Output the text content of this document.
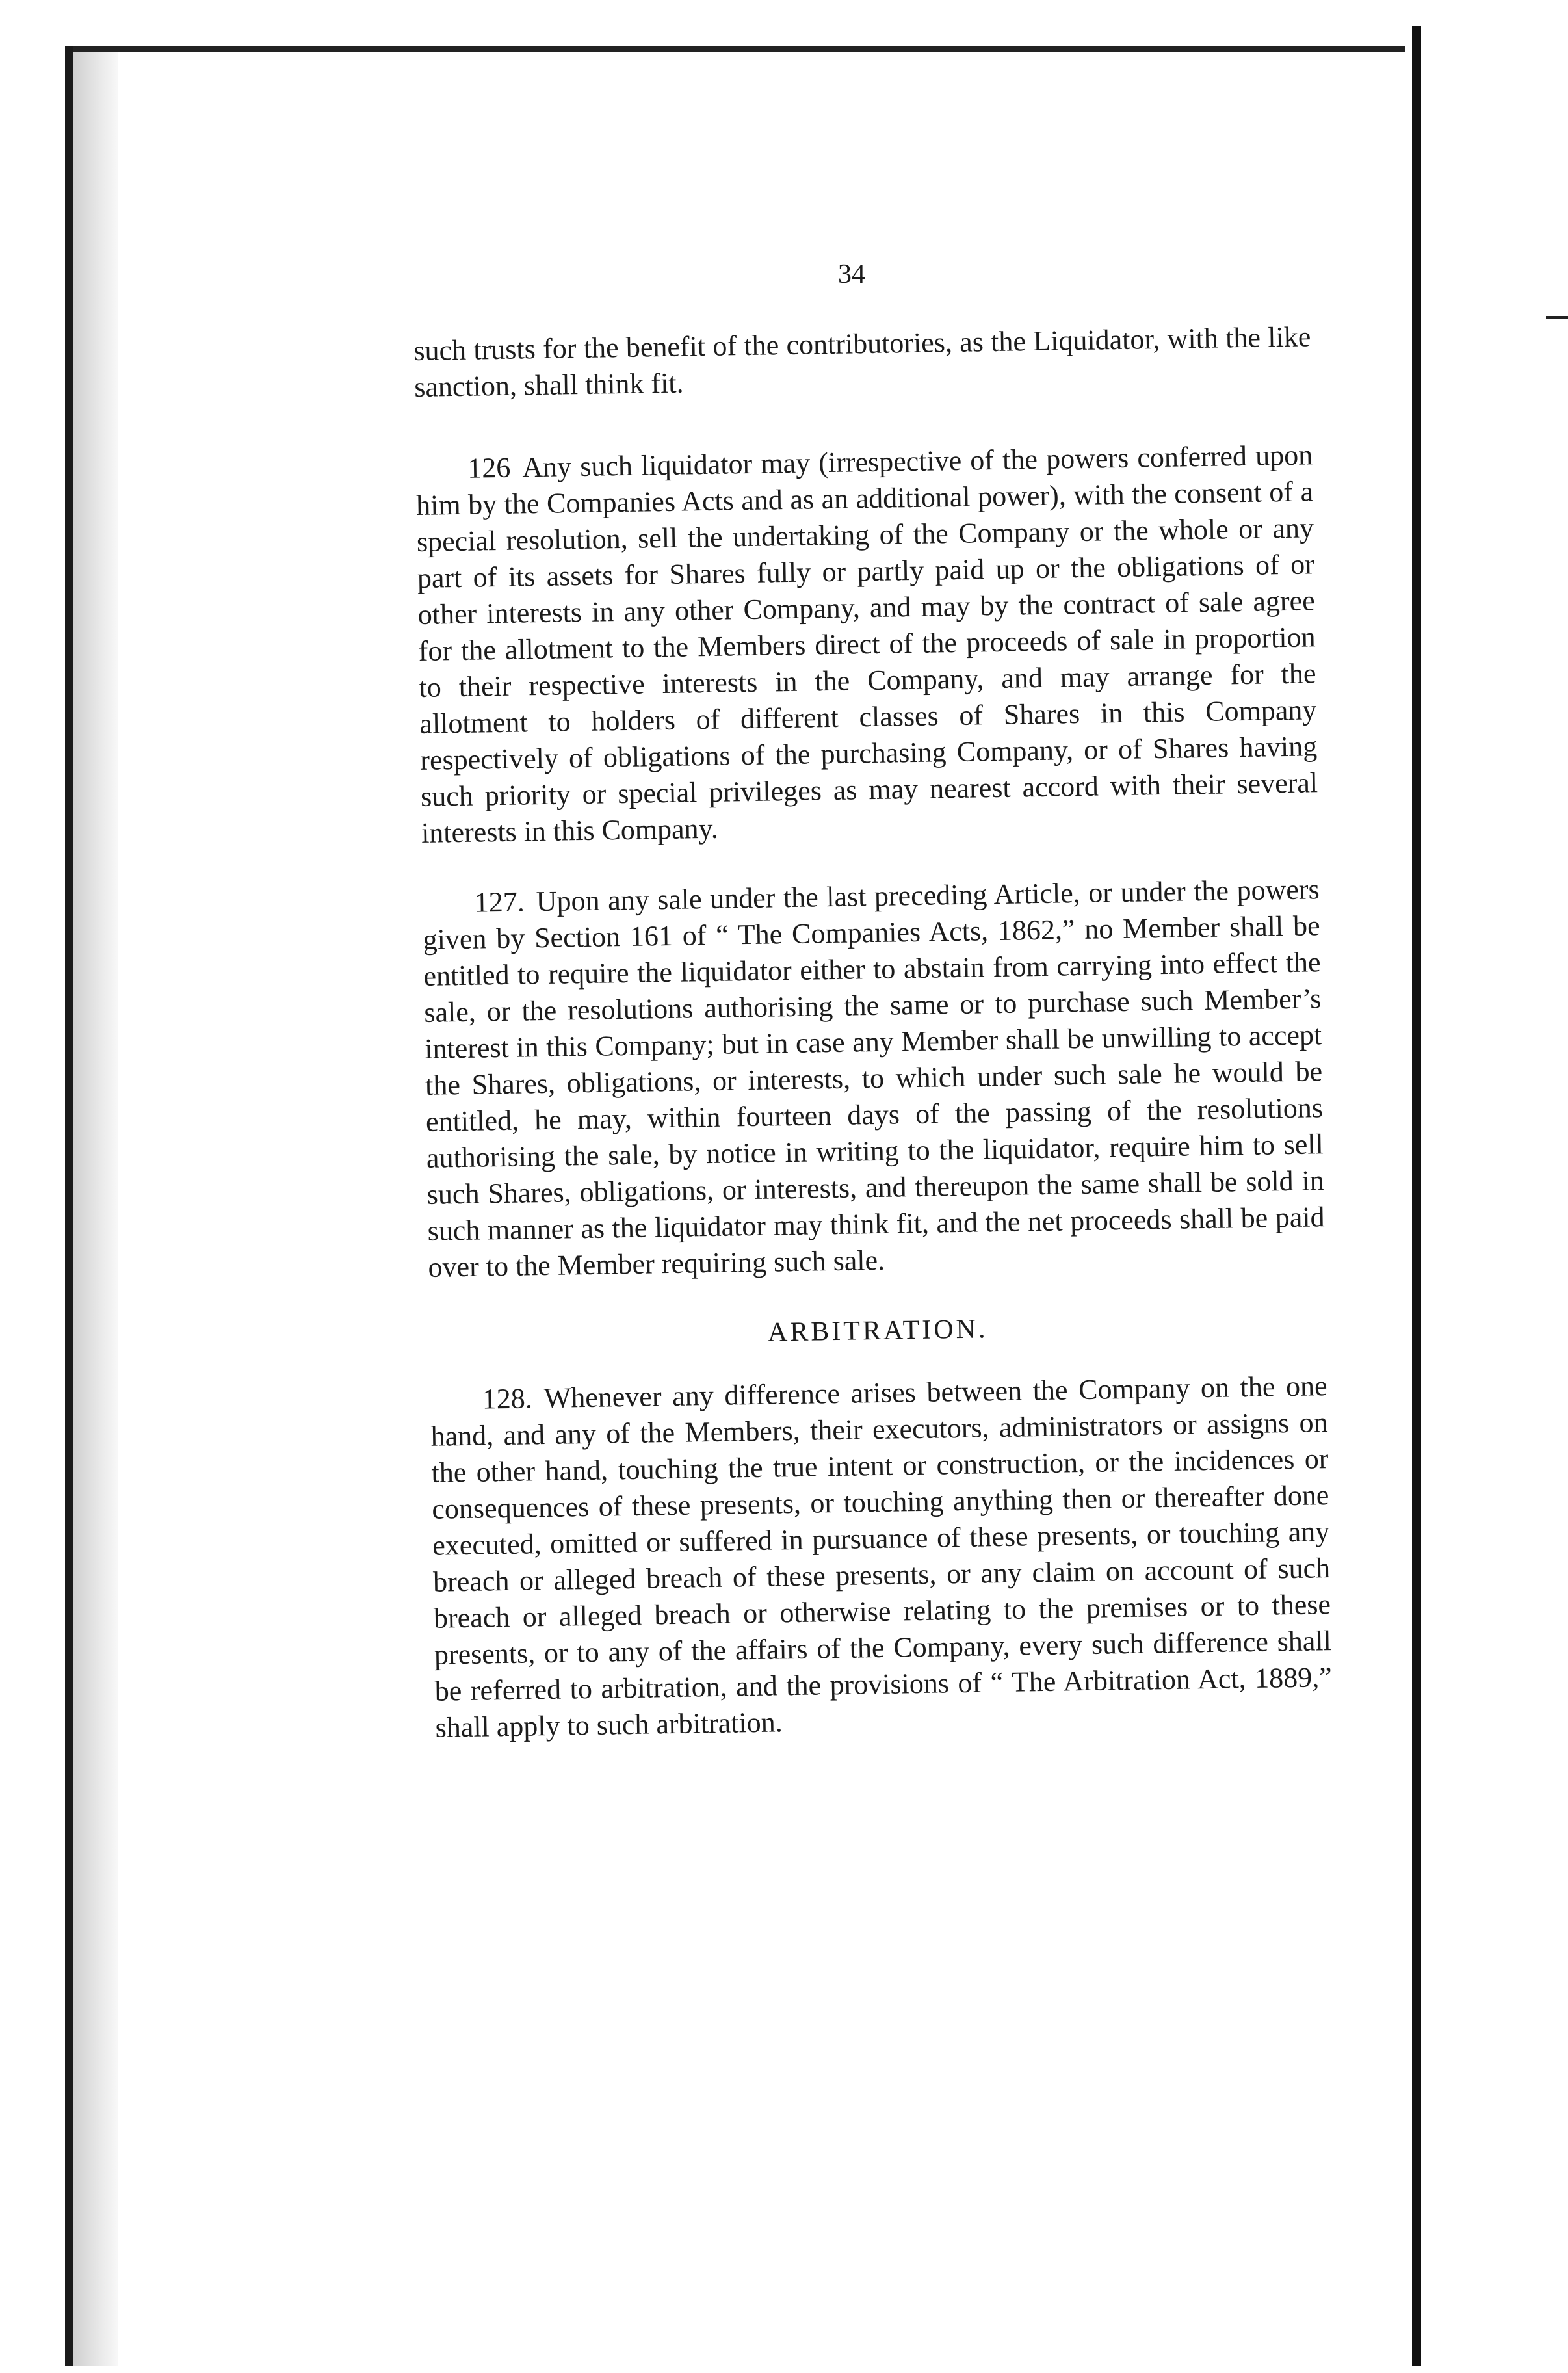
34

such trusts for the benefit of the contributories, as the Liquidator, with the like sanction, shall think fit.

126 Any such liquidator may (irrespective of the powers conferred upon him by the Companies Acts and as an additional power), with the consent of a special resolution, sell the undertaking of the Company or the whole or any part of its assets for Shares fully or partly paid up or the obligations of or other interests in any other Company, and may by the contract of sale agree for the allotment to the Members direct of the proceeds of sale in proportion to their respective interests in the Company, and may arrange for the allotment to holders of different classes of Shares in this Company respectively of obligations of the purchasing Company, or of Shares having such priority or special privileges as may nearest accord with their several interests in this Company.

127. Upon any sale under the last preceding Article, or under the powers given by Section 161 of “ The Companies Acts, 1862,” no Member shall be entitled to require the liquidator either to abstain from carrying into effect the sale, or the resolutions authorising the same or to purchase such Member’s interest in this Company; but in case any Member shall be unwilling to accept the Shares, obligations, or interests, to which under such sale he would be entitled, he may, within fourteen days of the passing of the resolutions authorising the sale, by notice in writing to the liquidator, require him to sell such Shares, obligations, or interests, and thereupon the same shall be sold in such manner as the liquidator may think fit, and the net proceeds shall be paid over to the Member requiring such sale.

ARBITRATION.

128. Whenever any difference arises between the Company on the one hand, and any of the Members, their executors, administrators or assigns on the other hand, touching the true intent or construction, or the incidences or consequences of these presents, or touching anything then or thereafter done executed, omitted or suffered in pursuance of these presents, or touching any breach or alleged breach of these presents, or any claim on account of such breach or alleged breach or otherwise relating to the premises or to these presents, or to any of the affairs of the Company, every such difference shall be referred to arbitration, and the provisions of “ The Arbitration Act, 1889,” shall apply to such arbitration.
